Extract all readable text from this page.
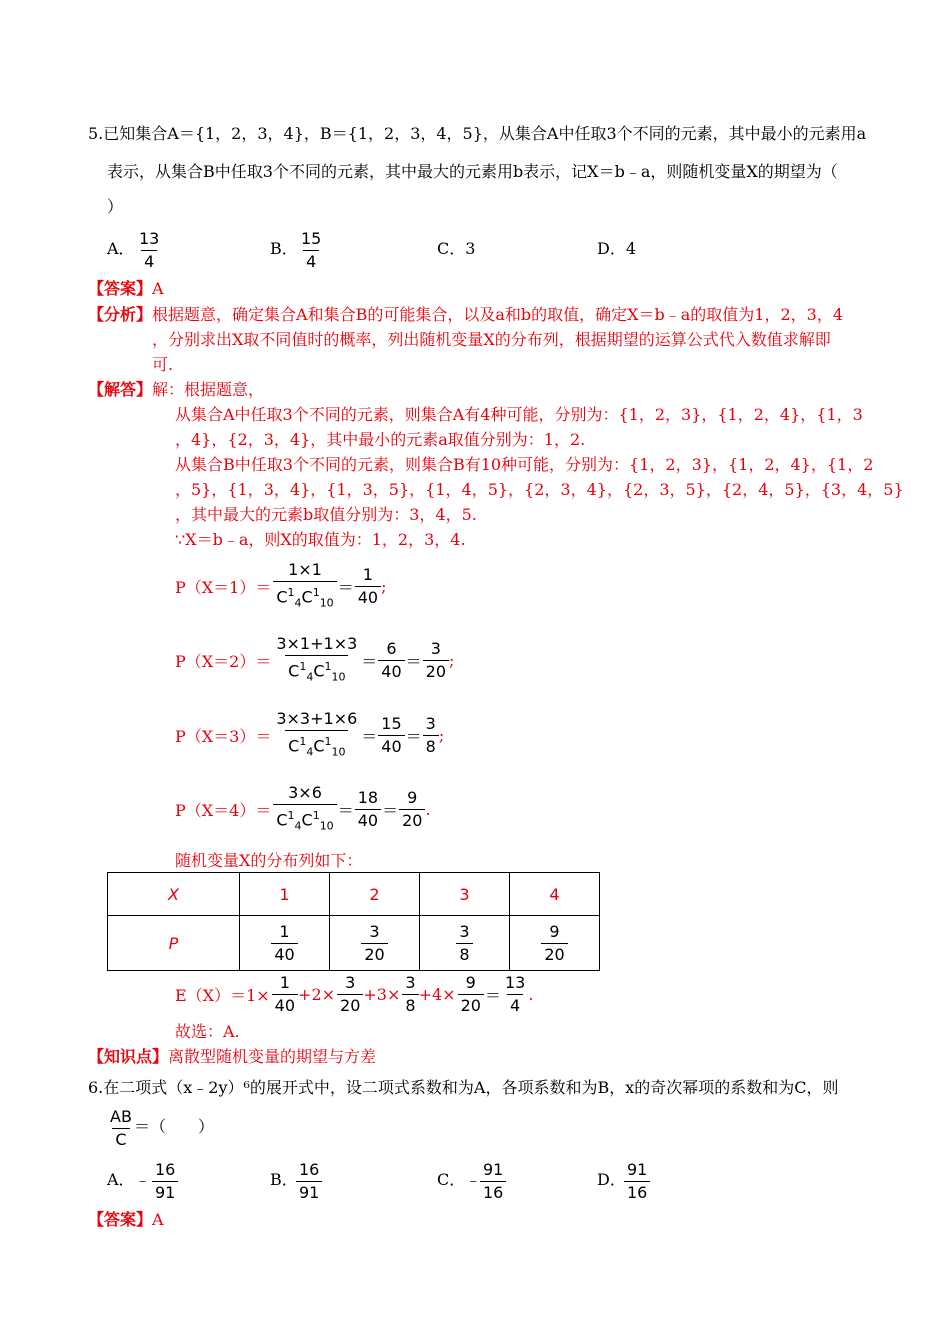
5.已知集合A＝{1，2，3，4}，B＝{1，2，3，4，5}，从集合A中任取3个不同的元素，其中最小的元素用a
表示，从集合B中任取3个不同的元素，其中最大的元素用b表示，记X＝b﹣a，则随机变量X的期望为（
）
A． $\frac{13}{4}$	B． $\frac{15}{4}$	C．3	D．4
【答案】A
【分析】根据题意，确定集合A和集合B的可能集合，以及a和b的取值，确定X＝b﹣a的取值为1，2，3，4
，分别求出X取不同值时的概率，列出随机变量X的分布列，根据期望的运算公式代入数值求解即
可.
【解答】解：根据题意，
从集合A中任取3个不同的元素，则集合A有4种可能，分别为：{1，2，3}，{1，2，4}，{1，3
，4}，{2，3，4}，其中最小的元素a取值分别为：1，2.
从集合B中任取3个不同的元素，则集合B有10种可能，分别为：{1，2，3}，{1，2，4}，{1，2
，5}，{1，3，4}，{1，3，5}，{1，4，5}，{2，3，4}，{2，3，5}，{2，4，5}，{3，4，5}
，其中最大的元素b取值分别为：3，4，5.
∵X＝b﹣a，则X的取值为：1，2，3，4.
$P(X=1)= \frac{1\times 1}{C^1_4C^1_{10}} = \frac{1}{40}$ ;
$P(X=2)= \frac{3\times 1+1\times 3}{C^1_4C^1_{10}} = \frac{6}{40} = \frac{3}{20}$ ;
$P(X=3)= \frac{3\times 3+1\times 6}{C^1_4C^1_{10}} = \frac{15}{40} = \frac{3}{8}$ ;
$P(X=4)= \frac{3\times 6}{C^1_4C^1_{10}} = \frac{18}{40} = \frac{9}{20}$ .
随机变量X的分布列如下：
X	1	2	3	4
P	$\frac{1}{40}$	$\frac{3}{20}$	$\frac{3}{8}$	$\frac{9}{20}$
$E(X)=1\times \frac{1}{40} +2\times \frac{3}{20} +3\times \frac{3}{8} +4\times \frac{9}{20} = \frac{13}{4}$ .
故选：A.
【知识点】离散型随机变量的期望与方差
6.在二项式（x﹣2y）⁶的展开式中，设二项式系数和为A，各项系数和为B，x的奇次幂项的系数和为C，则
$\frac{AB}{C}$ ＝（　　）
A．﹣ $\frac{16}{91}$	B．
$\frac{16}{91}$	C．﹣
$\frac{91}{16}$	D．
$\frac{91}{16}$
【答案】A
